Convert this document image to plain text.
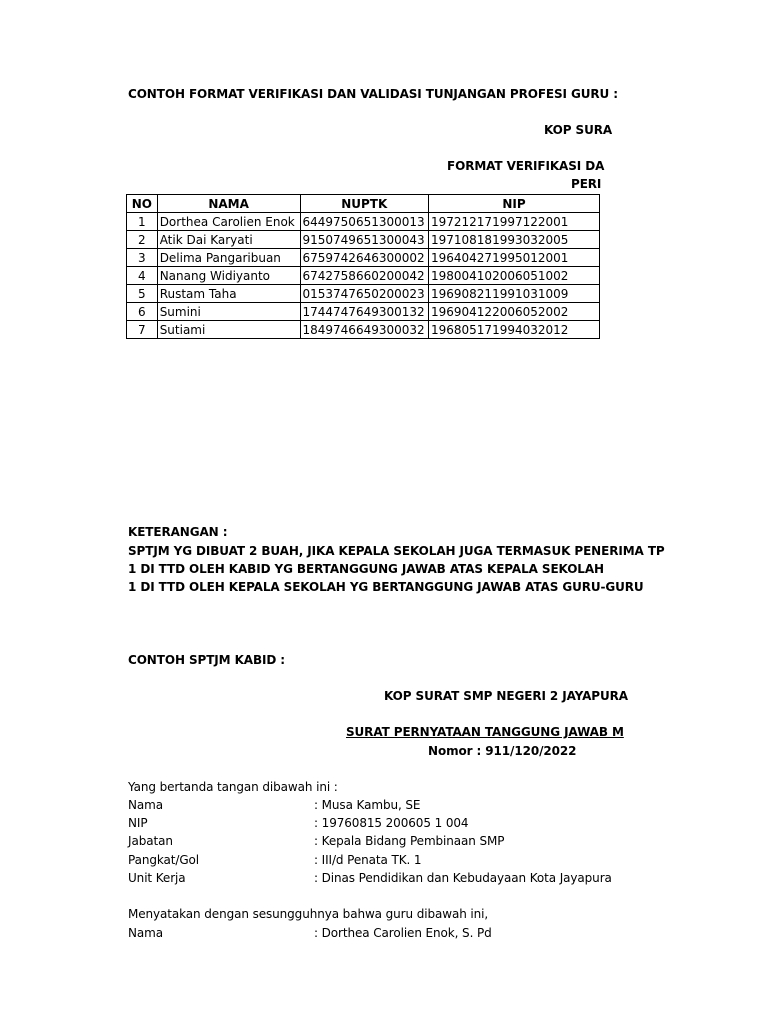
CONTOH FORMAT VERIFIKASI DAN VALIDASI TUNJANGAN PROFESI GURU :
KOP SURA
FORMAT VERIFIKASI DA
PERI
NO	NAMA	NUPTK	NIP
1	Dorthea Carolien Enok	6449750651300013	197212171997122001
2	Atik Dai Karyati	9150749651300043	197108181993032005
3	Delima Pangaribuan	6759742646300002	196404271995012001
4	Nanang Widiyanto	6742758660200042	198004102006051002
5	Rustam Taha	0153747650200023	196908211991031009
6	Sumini	1744747649300132	196904122006052002
7	Sutiami	1849746649300032	196805171994032012
KETERANGAN :
SPTJM YG DIBUAT 2 BUAH, JIKA KEPALA SEKOLAH JUGA TERMASUK PENERIMA TP
1 DI TTD OLEH KABID YG BERTANGGUNG JAWAB ATAS KEPALA SEKOLAH
1 DI TTD OLEH KEPALA SEKOLAH YG BERTANGGUNG JAWAB ATAS GURU-GURU
CONTOH SPTJM KABID :
KOP SURAT SMP NEGERI 2 JAYAPURA
SURAT PERNYATAAN TANGGUNG JAWAB M
Nomor : 911/120/2022
Yang bertanda tangan dibawah ini :
Nama	: Musa Kambu, SE
NIP	: 19760815 200605 1 004
Jabatan	: Kepala Bidang Pembinaan SMP
Pangkat/Gol	: III/d Penata TK. 1
Unit Kerja	: Dinas Pendidikan dan Kebudayaan Kota Jayapura
Menyatakan dengan sesungguhnya bahwa guru dibawah ini,
Nama	: Dorthea Carolien Enok, S. Pd
